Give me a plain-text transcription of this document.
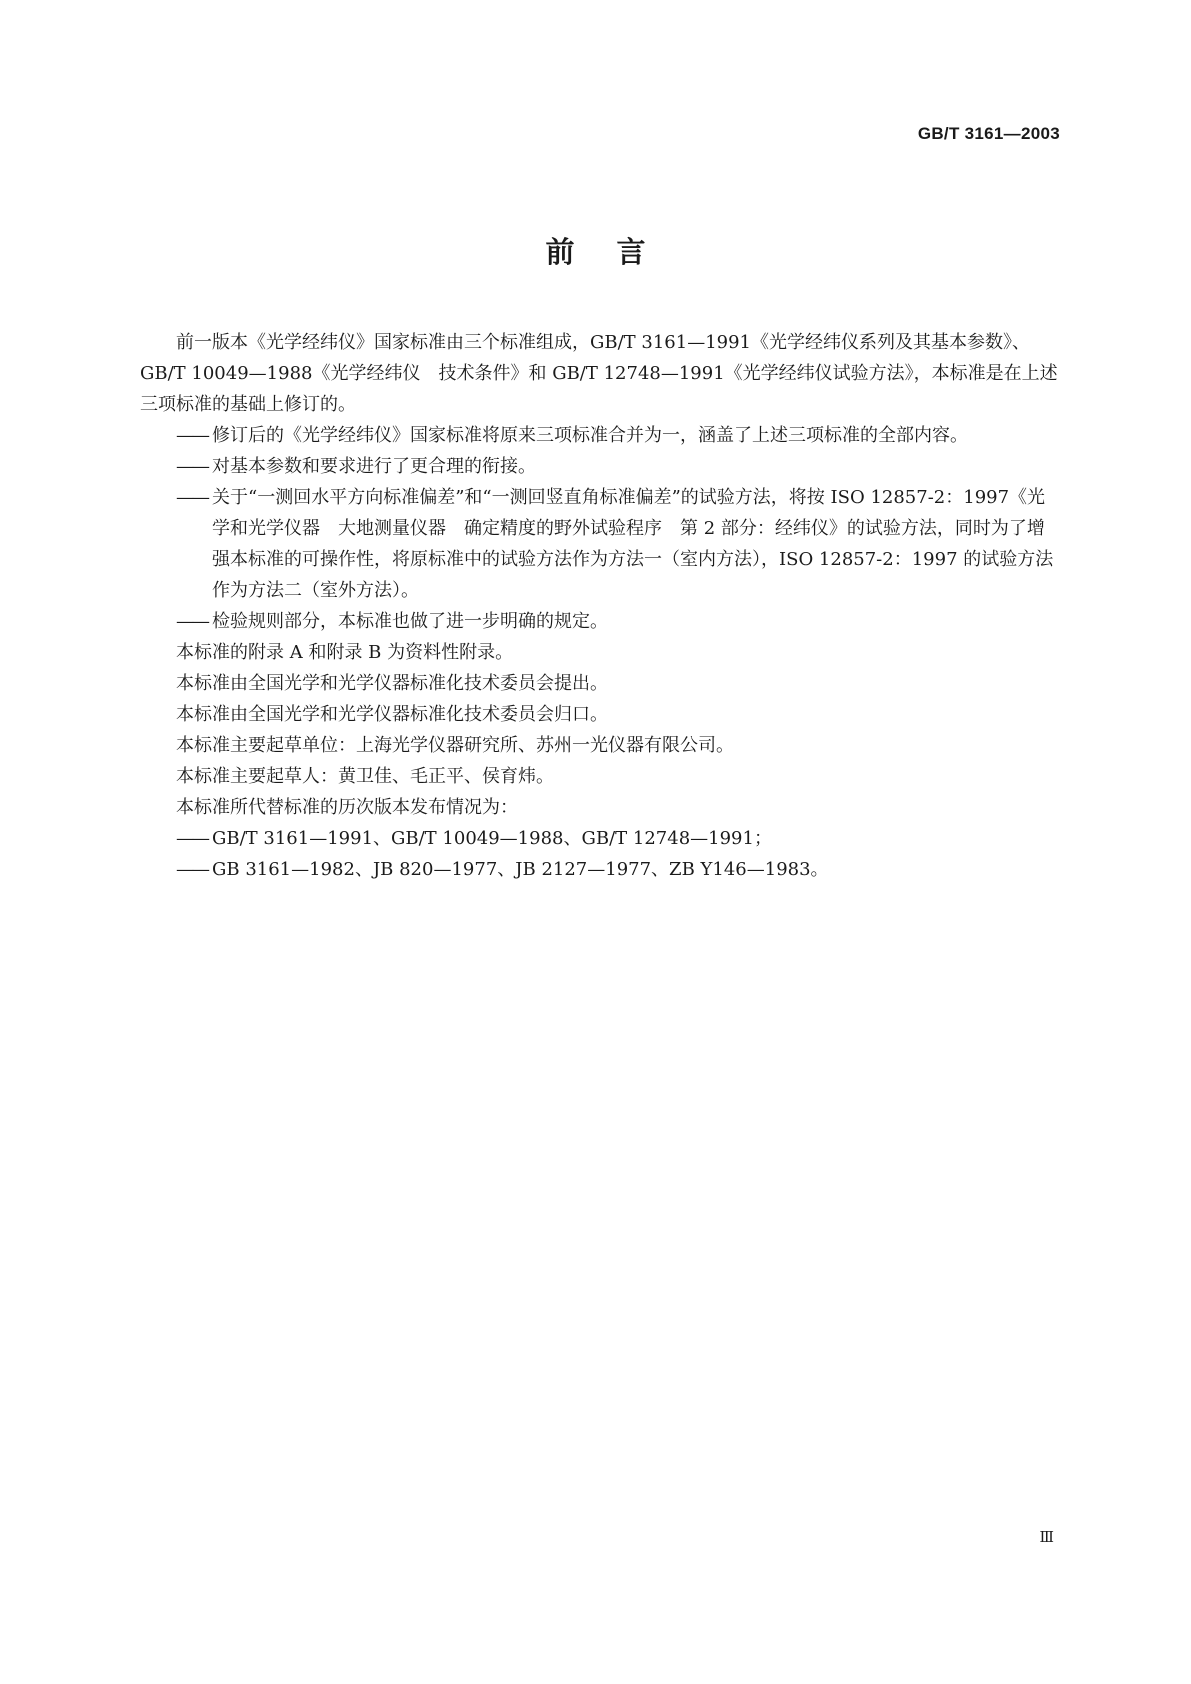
GB/T 3161—2003
前言

前一版本《光学经纬仪》国家标准由三个标准组成，GB/T 3161—1991《光学经纬仪系列及其基本参数》、GB/T 10049—1988《光学经纬仪　技术条件》和 GB/T 12748—1991《光学经纬仪试验方法》，本标准是在上述三项标准的基础上修订的。

—— 修订后的《光学经纬仪》国家标准将原来三项标准合并为一，涵盖了上述三项标准的全部内容。
—— 对基本参数和要求进行了更合理的衔接。
—— 关于“一测回水平方向标准偏差”和“一测回竖直角标准偏差”的试验方法，将按 ISO 12857-2：1997《光学和光学仪器　大地测量仪器　确定精度的野外试验程序　第 2 部分：经纬仪》的试验方法，同时为了增强本标准的可操作性，将原标准中的试验方法作为方法一（室内方法），ISO 12857-2：1997 的试验方法作为方法二（室外方法）。
—— 检验规则部分，本标准也做了进一步明确的规定。

本标准的附录 A 和附录 B 为资料性附录。

本标准由全国光学和光学仪器标准化技术委员会提出。

本标准由全国光学和光学仪器标准化技术委员会归口。

本标准主要起草单位：上海光学仪器研究所、苏州一光仪器有限公司。

本标准主要起草人：黄卫佳、毛正平、侯育炜。

本标准所代替标准的历次版本发布情况为：

—— GB/T 3161—1991、GB/T 10049—1988、GB/T 12748—1991；
—— GB 3161—1982、JB 820—1977、JB 2127—1977、ZB Y146—1983。
Ⅲ
